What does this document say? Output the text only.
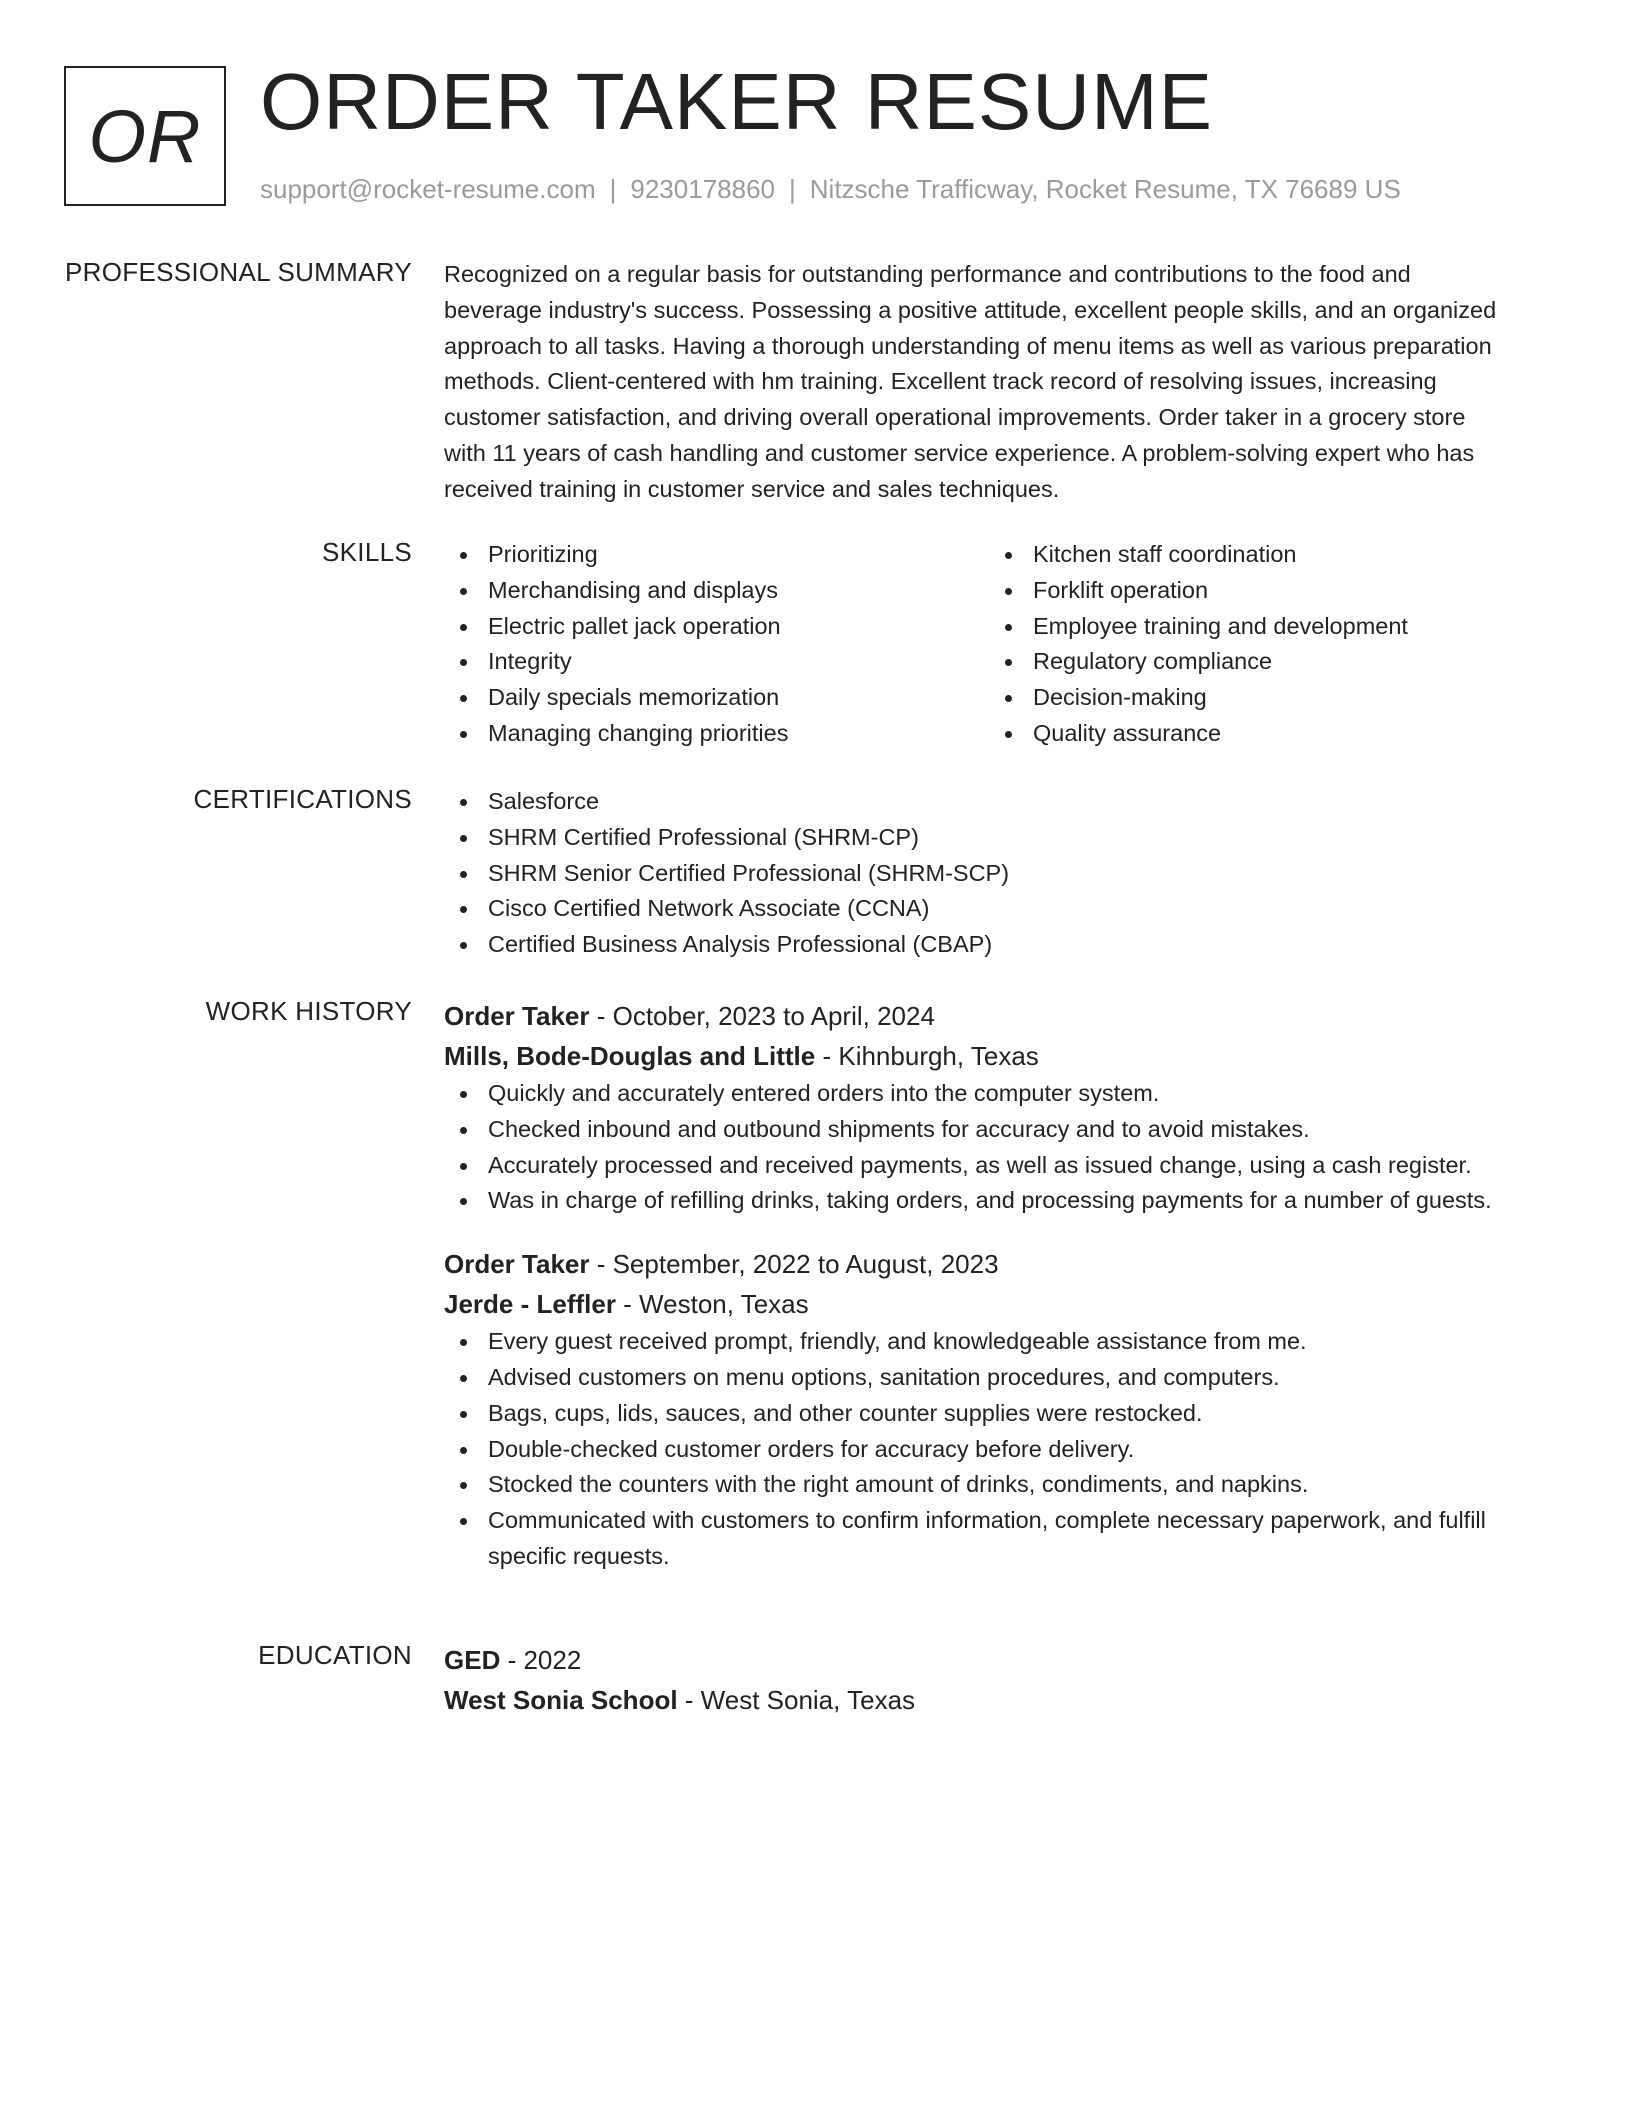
OR ORDER TAKER RESUME
support@rocket-resume.com | 9230178860 | Nitzsche Trafficway, Rocket Resume, TX 76689 US
PROFESSIONAL SUMMARY Recognized on a regular basis for outstanding performance and contributions to the food and
beverage industry's success. Possessing a positive attitude, excellent people skills, and an organized
approach to all tasks. Having a thorough understanding of menu items as well as various preparation
methods. Client-centered with hm training. Excellent track record of resolving issues, increasing
customer satisfaction, and driving overall operational improvements. Order taker in a grocery store
with 11 years of cash handling and customer service experience. A problem-solving expert who has
received training in customer service and sales techniques.
SKILLS	Prioritizing
Merchandising and displays
Electric pallet jack operation
Integrity
Daily specials memorization
Managing changing priorities
Kitchen staff coordination
Forklift operation
Employee training and development
Regulatory compliance
Decision-making
Quality assurance
CERTIFICATIONS	Salesforce
SHRM Certified Professional (SHRM-CP)
SHRM Senior Certified Professional (SHRM-SCP)
Cisco Certified Network Associate (CCNA)
Certified Business Analysis Professional (CBAP)
WORK HISTORY Order Taker - October, 2023 to April, 2024
Mills, Bode-Douglas and Little - Kihnburgh, Texas
Quickly and accurately entered orders into the computer system.
Checked inbound and outbound shipments for accuracy and to avoid mistakes.
Accurately processed and received payments, as well as issued change, using a cash register.
Was in charge of refilling drinks, taking orders, and processing payments for a number of guests.
Order Taker - September, 2022 to August, 2023
Jerde - Leffler - Weston, Texas
Every guest received prompt, friendly, and knowledgeable assistance from me.
Advised customers on menu options, sanitation procedures, and computers.
Bags, cups, lids, sauces, and other counter supplies were restocked.
Double-checked customer orders for accuracy before delivery.
Stocked the counters with the right amount of drinks, condiments, and napkins.
Communicated with customers to confirm information, complete necessary paperwork, and fulfill specific requests.
EDUCATION GED - 2022
West Sonia School - West Sonia, Texas
